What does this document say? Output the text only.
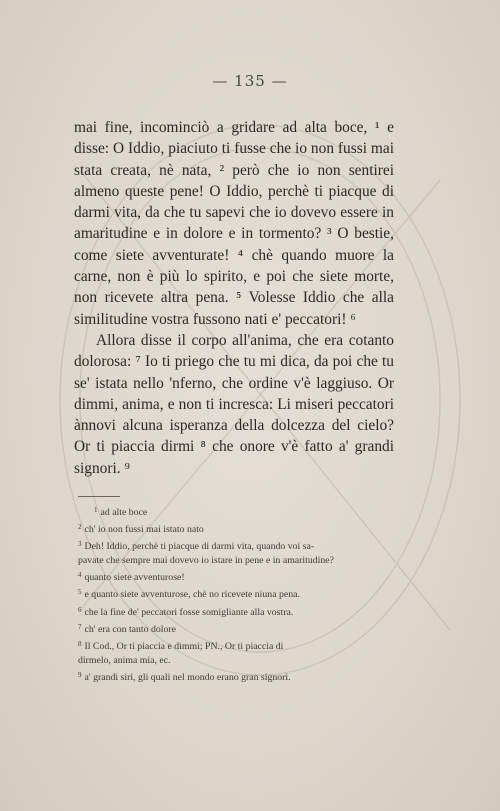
— 135 —

mai fine, incominciò a gridare ad alta boce, ¹ e disse: O Iddio, piaciuto ti fusse che io non fussi mai stata creata, nè nata, ² però che io non sentirei almeno queste pene! O Iddio, perchè ti piacque di darmi vita, da che tu sapevi che io dovevo essere in amaritudine e in dolore e in tormento? ³ O bestie, come siete avventurate! ⁴ chè quando muore la carne, non è più lo spirito, e poi che siete morte, non ricevete altra pena. ⁵ Volesse Iddio che alla similitudine vostra fussono nati e' peccatori! ⁶

Allora disse il corpo all'anima, che era cotanto dolorosa: ⁷ Io ti priego che tu mi dica, da poi che tu se' istata nello 'nferno, che ordine v'è laggiuso. Or dimmi, anima, e non ti incresca: Li miseri peccatori ànnovi alcuna isperanza della dolcezza del cielo? Or ti piaccia dirmi ⁸ che onore v'è fatto a' grandi signori. ⁹

$^1$ ad alte boce

$^2$ ch' io non fussi mai istato nato

$^3$ Deh! Iddio, perchè ti piacque di darmi vita, quando voi sa-

pavate che sempre mai dovevo io istare in pene e in amaritudine?

$^4$ quanto siete avventurose!

$^5$ e quanto siete avventurose, chè no ricevete niuna pena.

$^6$ che la fine de' peccatori fosse somigliante alla vostra.

$^7$ ch' era con tanto dolore

$^8$ Il Cod., Or ti piaccia e dimmi; PN., Or ti piaccia di

dirmelo, anima mia, ec.

$^9$ a' grandi siri, gli quali nel mondo erano gran signori.
